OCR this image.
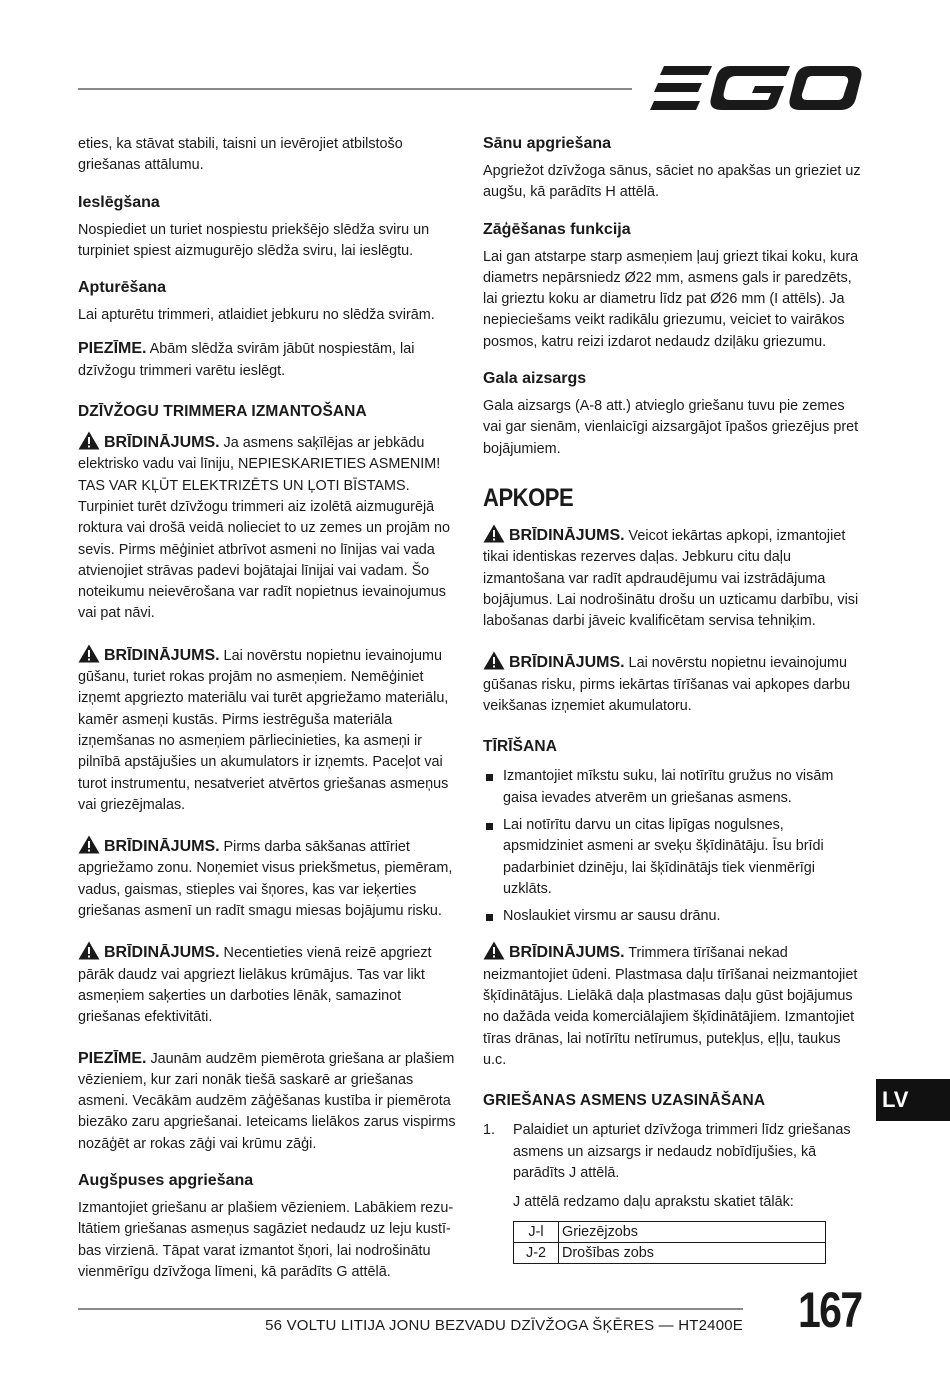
eties, ka stāvat stabili, taisni un ievērojiet atbilstošo griešanas attālumu.

Ieslēgšana

Nospiediet un turiet nospiestu priekšējo slēdža sviru un turpiniet spiest aizmugurējo slēdža sviru, lai ieslēgtu.

Apturēšana

Lai apturētu trimmeri, atlaidiet jebkuru no slēdža svirām.

PIEZĪME. Abām slēdža svirām jābūt nospiestām, lai dzīvžogu trimmeri varētu ieslēgt.

DZĪVŽOGU TRIMMERA IZMANTOŠANA

BRĪDINĀJUMS. Ja asmens saķīlējas ar jebkādu elektrisko vadu vai līniju, NEPIESKARIETIES ASMENIM! TAS VAR KĻŪT ELEKTRIZĒTS UN ĻOTI BĪSTAMS. Turpiniet turēt dzīvžogu trimmeri aiz izolētā aizmugurējā roktura vai drošā veidā nolieciet to uz zemes un projām no sevis. Pirms mēģiniet atbrīvot asmeni no līnijas vai vada atvienojiet strāvas padevi bojātajai līnijai vai vadam. Šo noteikumu neievērošana var radīt nopietnus ievainojumus vai pat nāvi.

BRĪDINĀJUMS. Lai novērstu nopietnu ievainojumu gūšanu, turiet rokas projām no asmeņiem. Nemēģiniet izņemt apgriezto materiālu vai turēt apgriežamo materiālu, kamēr asmeņi kustās. Pirms iestrēguša materiāla izņemšanas no asmeņiem pārliecinieties, ka asmeņi ir pilnībā apstājušies un akumulators ir izņemts. Paceļot vai turot instrumentu, nesatveriet atvērtos griešanas asmeņus vai griezējmalas.

BRĪDINĀJUMS. Pirms darba sākšanas attīriet apgriežamo zonu. Noņemiet visus priekšmetus, piemēram, vadus, gaismas, stieples vai šņores, kas var ieķerties griešanas asmenī un radīt smagu miesas bojājumu risku.

BRĪDINĀJUMS. Necentieties vienā reizē apgriezt pārāk daudz vai apgriezt lielākus krūmājus. Tas var likt asmeņiem saķerties un darboties lēnāk, samazinot griešanas efektivitāti.

PIEZĪME. Jaunām audzēm piemērota griešana ar plašiem vēzieniem, kur zari nonāk tiešā saskarē ar griešanas asmeni. Vecākām audzēm zāģēšanas kustība ir piemērota biezāko zaru apgriešanai. Ieteicams lielākos zarus vispirms nozāģēt ar rokas zāģi vai krūmu zāģi.

Augšpuses apgriešana

Izmantojiet griešanu ar plašiem vēzieniem. Labākiem rezu-ltātiem griešanas asmeņus sagāziet nedaudz uz leju kustī-bas virzienā. Tāpat varat izmantot šņori, lai nodrošinātu vienmērīgu dzīvžoga līmeni, kā parādīts G attēlā.

Sānu apgriešana

Apgriežot dzīvžoga sānus, sāciet no apakšas un grieziet uz augšu, kā parādīts H attēlā.

Zāģēšanas funkcija

Lai gan atstarpe starp asmeņiem ļauj griezt tikai koku, kura diametrs nepārsniedz Ø22 mm, asmens gals ir paredzēts, lai grieztu koku ar diametru līdz pat Ø26 mm (I attēls). Ja nepieciešams veikt radikālu griezumu, veiciet to vairākos posmos, katru reizi izdarot nedaudz dziļāku griezumu.

Gala aizsargs

Gala aizsargs (A-8 att.) atvieglo griešanu tuvu pie zemes vai gar sienām, vienlaicīgi aizsargājot īpašos griezējus pret bojājumiem.

APKOPE

BRĪDINĀJUMS. Veicot iekārtas apkopi, izmantojiet tikai identiskas rezerves daļas. Jebkuru citu daļu izmantošana var radīt apdraudējumu vai izstrādājuma bojājumus. Lai nodrošinātu drošu un uzticamu darbību, visi labošanas darbi jāveic kvalificētam servisa tehniķim.

BRĪDINĀJUMS. Lai novērstu nopietnu ievainojumu gūšanas risku, pirms iekārtas tīrīšanas vai apkopes darbu veikšanas izņemiet akumulatoru.

TĪRĪŠANA
Izmantojiet mīkstu suku, lai notīrītu gružus no visām gaisa ievades atverēm un griešanas asmens.
Lai notīrītu darvu un citas lipīgas nogulsnes, apsmidziniet asmeni ar sveķu šķīdinātāju. Īsu brīdi padarbiniet dzinēju, lai šķīdinātājs tiek vienmērīgi uzklāts.
Noslaukiet virsmu ar sausu drānu.

BRĪDINĀJUMS. Trimmera tīrīšanai nekad neizmantojiet ūdeni. Plastmasa daļu tīrīšanai neizmantojiet šķīdinātājus. Lielākā daļa plastmasas daļu gūst bojājumus no dažāda veida komerciālajiem šķīdinātājiem. Izmantojiet tīras drānas, lai notīrītu netīrumus, putekļus, eļļu, taukus u.c.

GRIEŠANAS ASMENS UZASINĀŠANA
1. Palaidiet un apturiet dzīvžoga trimmeri līdz griešanas asmens un aizsargs ir nedaudz nobīdījušies, kā parādīts J attēlā.

J attēlā redzamo daļu aprakstu skatiet tālāk:

J-l	Griezējzobs
J-2	Drošības zobs
LV
56 VOLTU LITIJA JONU BEZVADU DZĪVŽOGA ŠĶĒRES — HT2400E 167
